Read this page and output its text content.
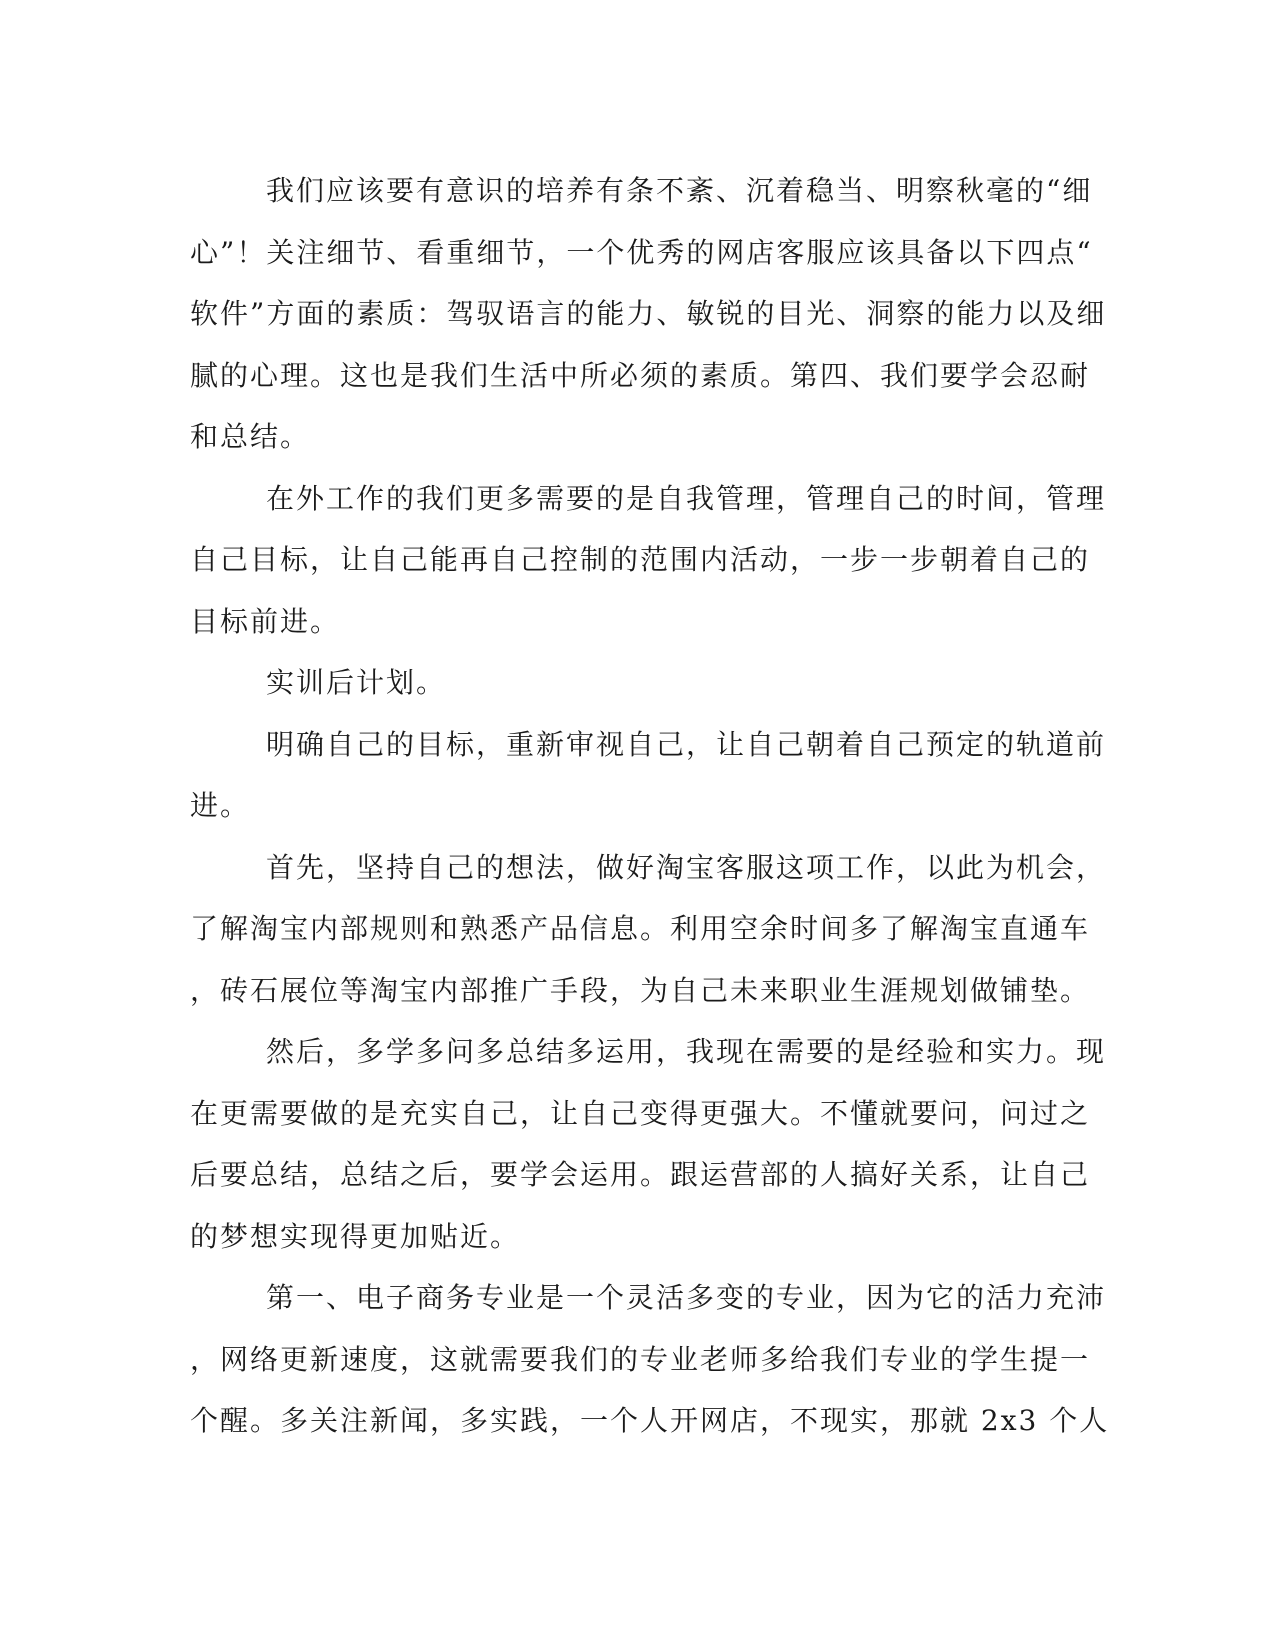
我们应该要有意识的培养有条不紊、沉着稳当、明察秋毫的“细
心”！关注细节、看重细节，一个优秀的网店客服应该具备以下四点“
软件”方面的素质：驾驭语言的能力、敏锐的目光、洞察的能力以及细
腻的心理。这也是我们生活中所必须的素质。第四、我们要学会忍耐
和总结。
在外工作的我们更多需要的是自我管理，管理自己的时间，管理
自己目标，让自己能再自己控制的范围内活动，一步一步朝着自己的
目标前进。
实训后计划。
明确自己的目标，重新审视自己，让自己朝着自己预定的轨道前
进。
首先，坚持自己的想法，做好淘宝客服这项工作，以此为机会，
了解淘宝内部规则和熟悉产品信息。利用空余时间多了解淘宝直通车
，砖石展位等淘宝内部推广手段，为自己未来职业生涯规划做铺垫。
然后，多学多问多总结多运用，我现在需要的是经验和实力。现
在更需要做的是充实自己，让自己变得更强大。不懂就要问，问过之
后要总结，总结之后，要学会运用。跟运营部的人搞好关系，让自己
的梦想实现得更加贴近。
第一、电子商务专业是一个灵活多变的专业，因为它的活力充沛
，网络更新速度，这就需要我们的专业老师多给我们专业的学生提一
个醒。多关注新闻，多实践，一个人开网店，不现实，那就 2x3 个人
